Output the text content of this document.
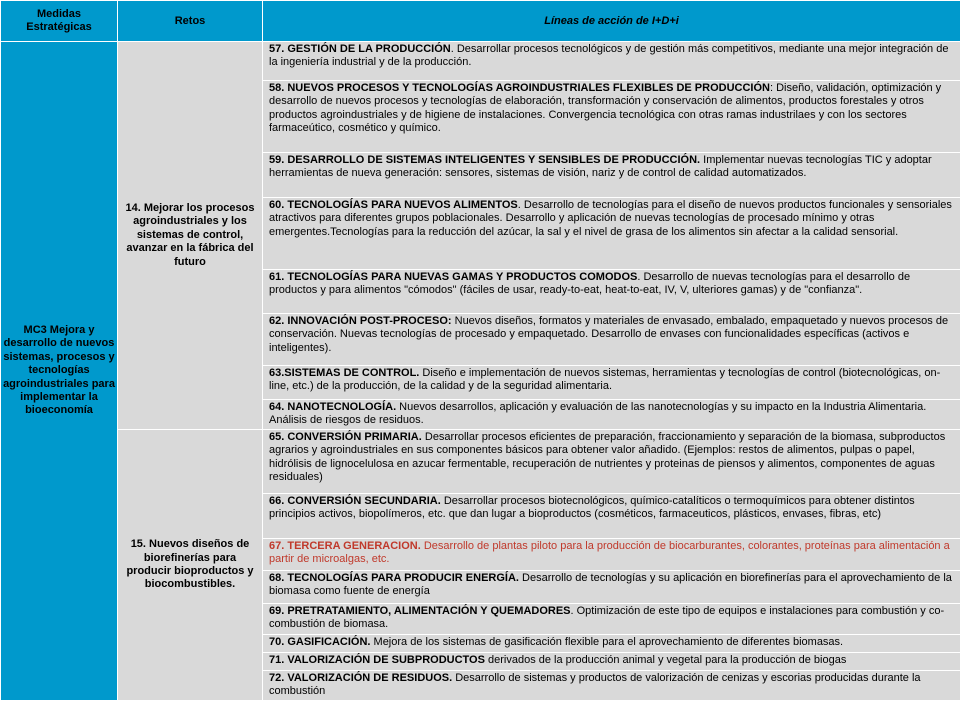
Medidas Estratégicas	Retos	Líneas de acción de I+D+i
MC3 Mejora y desarrollo de nuevos sistemas, procesos y tecnologías agroindustriales para implementar la bioeconomía	14. Mejorar los procesos agroindustriales y los sistemas de control, avanzar en la fábrica del futuro	57. GESTIÓN DE LA PRODUCCIÓN. Desarrollar procesos tecnológicos y de gestión más competitivos, mediante una mejor integración de la ingeniería industrial y de la producción.
		58. NUEVOS PROCESOS Y TECNOLOGÍAS AGROINDUSTRIALES FLEXIBLES DE PRODUCCIÓN: Diseño, validación, optimización y desarrollo de nuevos procesos y tecnologías de elaboración, transformación y conservación de alimentos, productos forestales y otros productos agroindustriales y de higiene de instalaciones. Convergencia tecnológica con otras ramas industrilaes y con los sectores farmaceútico, cosmético y químico.
		59. DESARROLLO DE SISTEMAS INTELIGENTES Y SENSIBLES DE PRODUCCIÓN. Implementar nuevas tecnologías TIC y adoptar herramientas de nueva generación: sensores, sistemas de visión, nariz y de control de calidad automatizados.
		60. TECNOLOGÍAS PARA NUEVOS ALIMENTOS. Desarrollo de tecnologías para el diseño de nuevos productos funcionales y sensoriales atractivos para diferentes grupos poblacionales. Desarrollo y aplicación de nuevas tecnologías de procesado mínimo y otras emergentes.Tecnologías para la reducción del azúcar, la sal y el nivel de grasa de los alimentos sin afectar a la calidad sensorial.
		61. TECNOLOGÍAS PARA NUEVAS GAMAS Y PRODUCTOS COMODOS. Desarrollo de nuevas tecnologías para el desarrollo de productos y para alimentos "cómodos" (fáciles de usar, ready-to-eat, heat-to-eat, IV, V, ulteriores gamas) y de "confianza".
		62. INNOVACIÓN POST-PROCESO: Nuevos diseños, formatos y materiales de envasado, embalado, empaquetado y nuevos procesos de conservación. Nuevas tecnologías de procesado y empaquetado. Desarrollo de envases con funcionalidades específicas (activos e inteligentes).
		63.SISTEMAS DE CONTROL. Diseño e implementación de nuevos sistemas, herramientas y tecnologías de control (biotecnológicas, on-line, etc.) de la producción, de la calidad y de la seguridad alimentaria.
		64. NANOTECNOLOGÍA. Nuevos desarrollos, aplicación y evaluación de las nanotecnologías y su impacto en la Industria Alimentaria. Análisis de riesgos de residuos.
	15. Nuevos diseños de biorefinerías para producir bioproductos y biocombustibles.	65. CONVERSIÓN PRIMARIA. Desarrollar procesos eficientes de preparación, fraccionamiento y separación de la biomasa, subproductos agrarios y agroindustriales en sus componentes básicos para obtener valor añadido. (Ejemplos: restos de alimentos, pulpas o papel, hidrólisis de lignocelulosa en azucar fermentable, recuperación de nutrientes y proteinas de piensos y alimentos, componentes de aguas residuales)
		66. CONVERSIÓN SECUNDARIA. Desarrollar procesos biotecnológicos, químico-catalíticos o termoquímicos para obtener distintos principios activos, biopolímeros, etc. que dan lugar a bioproductos (cosméticos, farmaceuticos, plásticos, envases, fibras, etc)
		67. TERCERA GENERACION. Desarrollo de plantas piloto para la producción de biocarburantes, colorantes, proteínas para alimentación a partir de microalgas, etc.
		68. TECNOLOGÍAS PARA PRODUCIR ENERGÍA. Desarrollo de tecnologías y su aplicación en biorefinerías para el aprovechamiento de la biomasa como fuente de energía
		69. PRETRATAMIENTO, ALIMENTACIÓN Y QUEMADORES. Optimización de este tipo de equipos e instalaciones para combustión y co-combustión de biomasa.
		70. GASIFICACIÓN. Mejora de los sistemas de gasificación flexible para el aprovechamiento de diferentes biomasas.
		71. VALORIZACIÓN DE SUBPRODUCTOS derivados de la producción animal y vegetal para la producción de biogas
		72. VALORIZACIÓN DE RESIDUOS. Desarrollo de sistemas y productos de valorización de cenizas y escorias producidas durante la combustión
